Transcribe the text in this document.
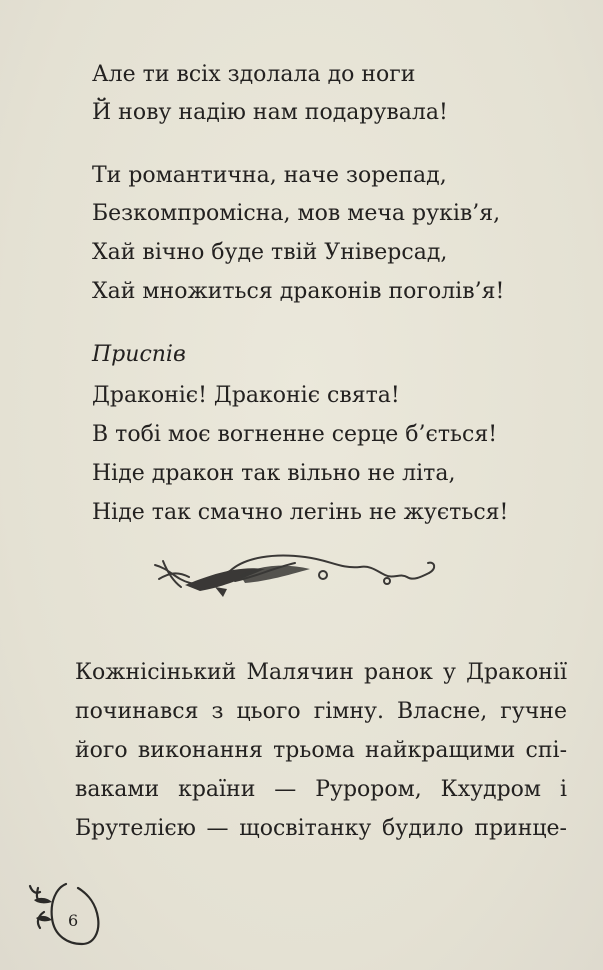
Але ти всіх здолала до ноги
Й нову надію нам подарувала!
Ти романтична, наче зорепад,
Безкомпромісна, мов меча руків’я,
Хай вічно буде твій Універсад,
Хай множиться драконів поголів’я!
Приспів
Драконіє! Драконіє свята!
В тобі моє вогненне серце б’ється!
Ніде дракон так вільно не літа,
Ніде так смачно легінь не жується!
Кожнісінький Малячин ранок у Драконії
починався з цього гімну. Власне, гучне
його виконання трьома найкращими спі-
ваками країни — Рурором, Кхудром і
Брутелією — щосвітанку будило принце-
6
